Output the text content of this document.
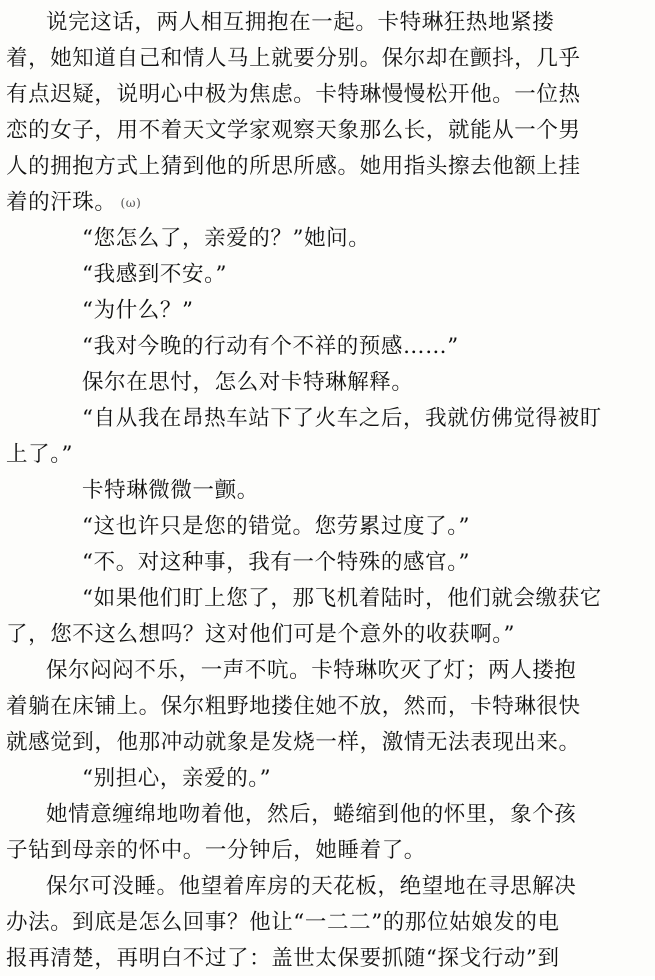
说完这话，两人相互拥抱在一起。卡特琳狂热地紧搂
着，她知道自己和情人马上就要分别。保尔却在颤抖，几乎
有点迟疑，说明心中极为焦虑。卡特琳慢慢松开他。一位热
恋的女子，用不着天文学家观察天象那么长，就能从一个男
人的拥抱方式上猜到他的所思所感。她用指头擦去他额上挂
着的汗珠。 (ω)
“您怎么了，亲爱的？”她问。
“我感到不安。”
“为什么？”
“我对今晚的行动有个不祥的预感……”
保尔在思忖，怎么对卡特琳解释。
“自从我在昂热车站下了火车之后，我就仿佛觉得被盯
上了。”
卡特琳微微一颤。
“这也许只是您的错觉。您劳累过度了。”
“不。对这种事，我有一个特殊的感官。”
“如果他们盯上您了，那飞机着陆时，他们就会缴获它
了，您不这么想吗？这对他们可是个意外的收获啊。”
保尔闷闷不乐，一声不吭。卡特琳吹灭了灯；两人搂抱
着躺在床铺上。保尔粗野地搂住她不放，然而，卡特琳很快
就感觉到，他那冲动就象是发烧一样，激情无法表现出来。
“别担心，亲爱的。”
她情意缠绵地吻着他，然后，蜷缩到他的怀里，象个孩
子钻到母亲的怀中。一分钟后，她睡着了。
保尔可没睡。他望着库房的天花板，绝望地在寻思解决
办法。到底是怎么回事？他让“一二二”的那位姑娘发的电
报再清楚，再明白不过了：盖世太保要抓随“探戈行动”到
